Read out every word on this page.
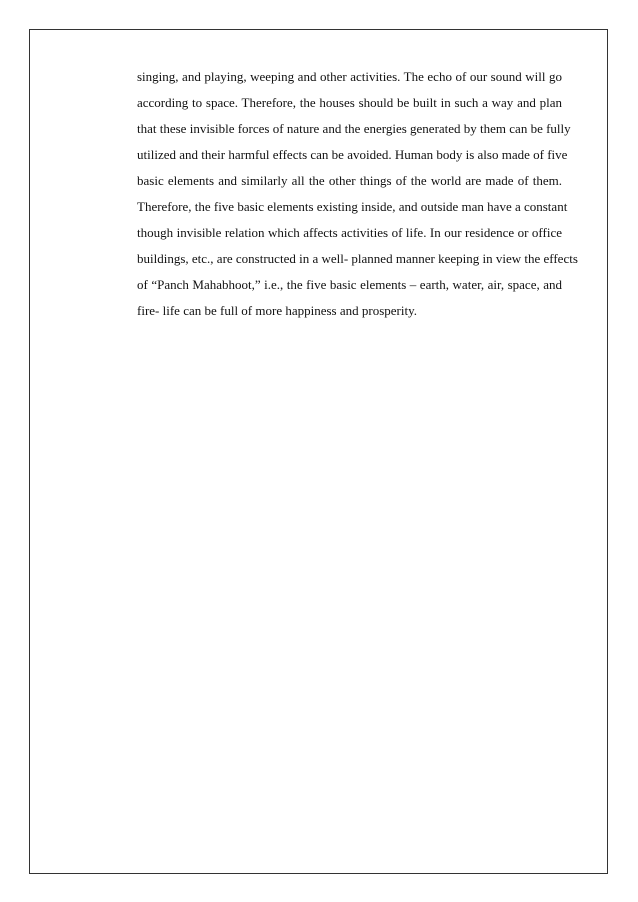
singing, and playing, weeping and other activities. The echo of our sound will go
according to space. Therefore, the houses should be built in such a way and plan
that these invisible forces of nature and the energies generated by them can be fully
utilized and their harmful effects can be avoided. Human body is also made of five
basic elements and similarly all the other things of the world are made of them.
Therefore, the five basic elements existing inside, and outside man have a constant
though invisible relation which affects activities of life. In our residence or office
buildings, etc., are constructed in a well- planned manner keeping in view the effects
of “Panch Mahabhoot,” i.e., the five basic elements – earth, water, air, space, and
fire- life can be full of more happiness and prosperity.
